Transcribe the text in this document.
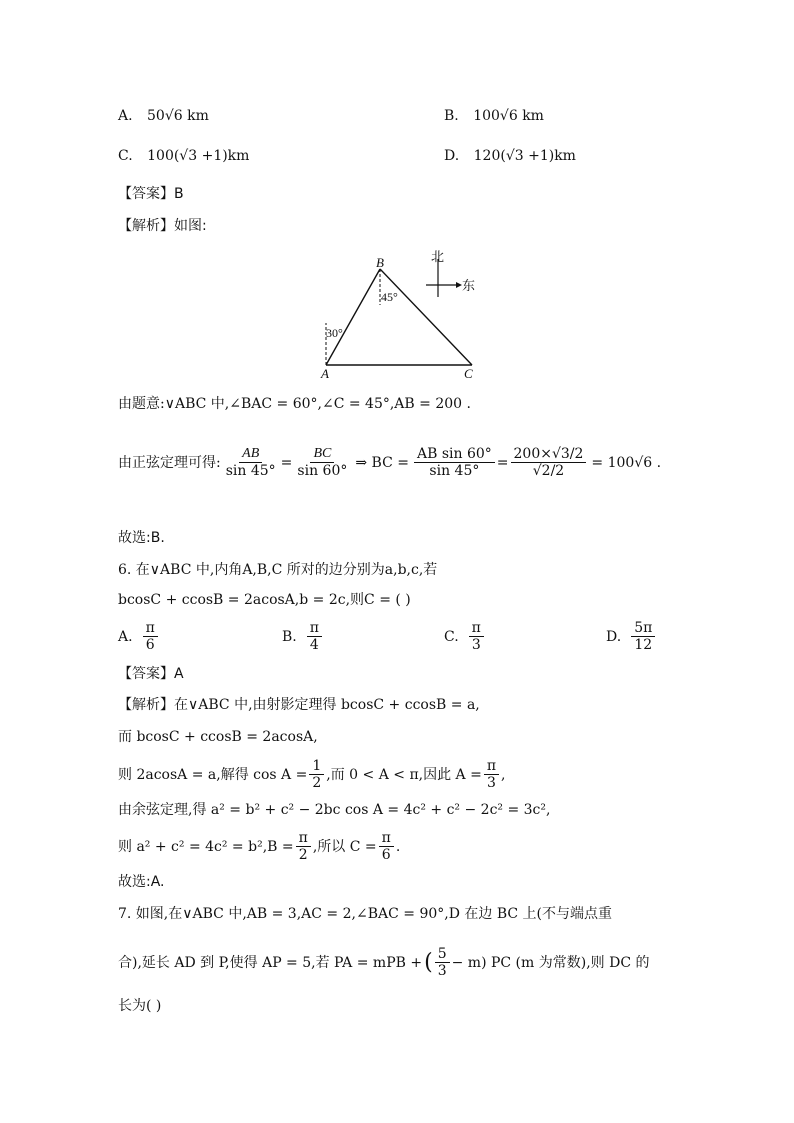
A. 50√6 km	B. 100√6 km
C. 100(√3 +1)km	D. 120(√3 +1)km
【答案】B
【解析】如图:
北
东
B
A	C
30°
45°
由题意:∨ABC 中,∠BAC = 60°,∠C = 45°,AB = 200 .
由正弦定理可得: $\frac{AB}{\sin 45^\circ} = \frac{BC}{\sin 60^\circ}$ ⇒ BC = $\frac{\text{AB sin 60°}}{\sin 45^\circ} = \frac{200\times√3/2}{√2/2} = 100√6$ .
故选:B.
6. 在∨ABC 中,内角A,B,C 所对的边分别为a,b,c,若
bcosC + ccosB = 2acosA,b = 2c,则C = ( )
A. $\frac{\pi}{6}$	B. $\frac{\pi}{4}$	C. $\frac{\pi}{3}$	D. $\frac{5\pi}{12}$
【答案】A
【解析】在∨ABC 中,由射影定理得 bcosC + ccosB = a,
而 bcosC + ccosB = 2acosA,
则 2acosA = a,解得 $\cos A = \frac{1}{2}$ ,而 0 < A < π,因此 $A = \frac{\pi}{3}$ ,
由余弦定理,得 a² = b² + c² − 2bc cos A = 4c² + c² − 2c² = 3c²,
则 $a^2 + c^2 = 4c^2 = b^2,B = \frac{\pi}{2}$ ,所以 $C = \frac{\pi}{6}$ .
故选:A.
7. 如图,在∨ABC 中,AB = 3,AC = 2,∠BAC = 90°,D 在边 BC 上(不与端点重
合),延长 AD 到 P,使得 AP = 5,若 PA = mPB + ( $\frac{5}{3} - m$) PC (m 为常数),则 DC 的
长为( )
